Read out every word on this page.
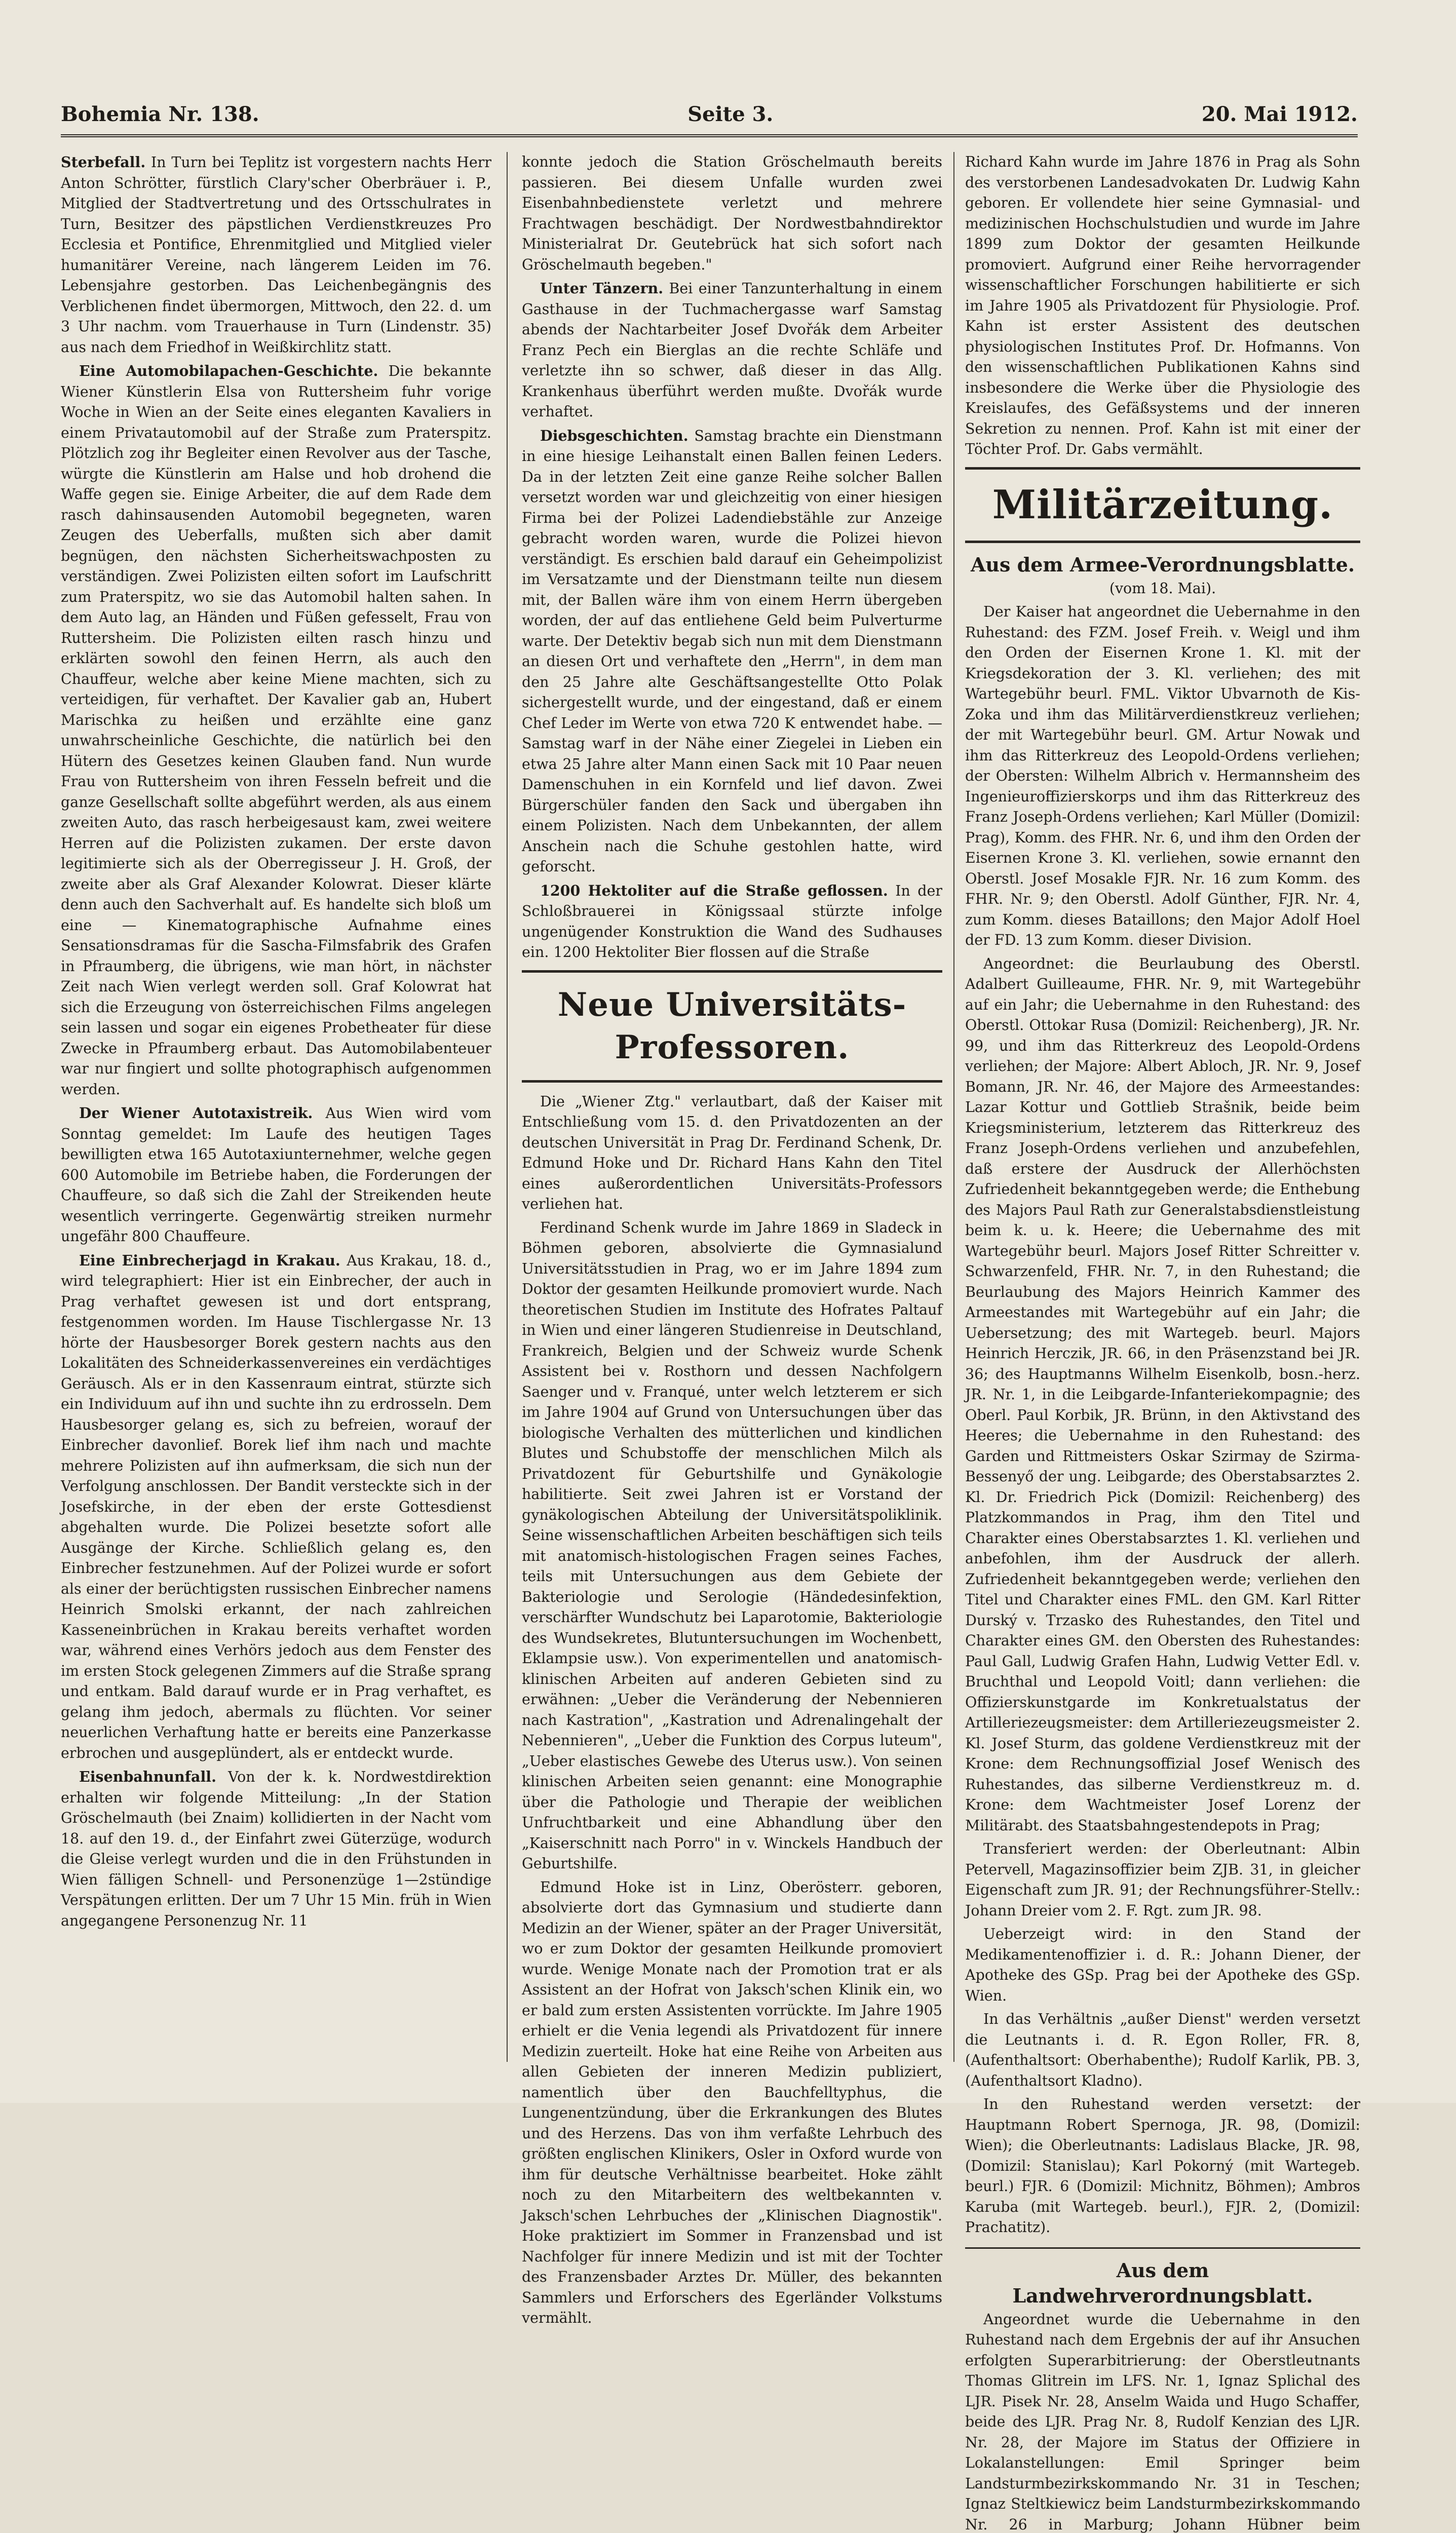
Bohemia Nr. 138.	Seite 3.	20. Mai 1912.

Sterbefall. In Turn bei Teplitz ist vorgestern nachts Herr Anton Schrötter, fürstlich Clary'scher Oberbräuer i. P., Mitglied der Stadtvertretung und des Ortsschulrates in Turn, Besitzer des päpstlichen Verdienstkreuzes Pro Ecclesia et Pontifice, Ehrenmitglied und Mitglied vieler humanitärer Vereine, nach längerem Leiden im 76. Lebensjahre gestorben. Das Leichenbegängnis des Verblichenen findet übermorgen, Mittwoch, den 22. d. um 3 Uhr nachm. vom Trauerhause in Turn (Lindenstr. 35) aus nach dem Friedhof in Weißkirchlitz statt.

Eine Automobilapachen-Geschichte. Die bekannte Wiener Künstlerin Elsa von Ruttersheim fuhr vorige Woche in Wien an der Seite eines eleganten Kavaliers in einem Privatautomobil auf der Straße zum Praterspitz. Plötzlich zog ihr Begleiter einen Revolver aus der Tasche, würgte die Künstlerin am Halse und hob drohend die Waffe gegen sie. Einige Arbeiter, die auf dem Rade dem rasch dahinsausenden Automobil begegneten, waren Zeugen des Ueberfalls, mußten sich aber damit begnügen, den nächsten Sicherheitswachposten zu verständigen. Zwei Polizisten eilten sofort im Laufschritt zum Praterspitz, wo sie das Automobil halten sahen. In dem Auto lag, an Händen und Füßen gefesselt, Frau von Ruttersheim. Die Polizisten eilten rasch hinzu und erklärten sowohl den feinen Herrn, als auch den Chauffeur, welche aber keine Miene machten, sich zu verteidigen, für verhaftet. Der Kavalier gab an, Hubert Marischka zu heißen und erzählte eine ganz unwahrscheinliche Geschichte, die natürlich bei den Hütern des Gesetzes keinen Glauben fand. Nun wurde Frau von Ruttersheim von ihren Fesseln befreit und die ganze Gesellschaft sollte abgeführt werden, als aus einem zweiten Auto, das rasch herbeigesaust kam, zwei weitere Herren auf die Polizisten zukamen. Der erste davon legitimierte sich als der Oberregisseur J. H. Groß, der zweite aber als Graf Alexander Kolowrat. Dieser klärte denn auch den Sachverhalt auf. Es handelte sich bloß um eine — Kinematographische Aufnahme eines Sensationsdramas für die Sascha-Filmsfabrik des Grafen in Pfraumberg, die übrigens, wie man hört, in nächster Zeit nach Wien verlegt werden soll. Graf Kolowrat hat sich die Erzeugung von österreichischen Films angelegen sein lassen und sogar ein eigenes Probetheater für diese Zwecke in Pfraumberg erbaut. Das Automobilabenteuer war nur fingiert und sollte photographisch aufgenommen werden.

Der Wiener Autotaxistreik. Aus Wien wird vom Sonntag gemeldet: Im Laufe des heutigen Tages bewilligten etwa 165 Autotaxiunternehmer, welche gegen 600 Automobile im Betriebe haben, die Forderungen der Chauffeure, so daß sich die Zahl der Streikenden heute wesentlich verringerte. Gegenwärtig streiken nurmehr ungefähr 800 Chauffeure.

Eine Einbrecherjagd in Krakau. Aus Krakau, 18. d., wird telegraphiert: Hier ist ein Einbrecher, der auch in Prag verhaftet gewesen ist und dort entsprang, festgenommen worden. Im Hause Tischlergasse Nr. 13 hörte der Hausbesorger Borek gestern nachts aus den Lokalitäten des Schneiderkassenvereines ein verdächtiges Geräusch. Als er in den Kassenraum eintrat, stürzte sich ein Individuum auf ihn und suchte ihn zu erdrosseln. Dem Hausbesorger gelang es, sich zu befreien, worauf der Einbrecher davonlief. Borek lief ihm nach und machte mehrere Polizisten auf ihn aufmerksam, die sich nun der Verfolgung anschlossen. Der Bandit versteckte sich in der Josefskirche, in der eben der erste Gottesdienst abgehalten wurde. Die Polizei besetzte sofort alle Ausgänge der Kirche. Schließlich gelang es, den Einbrecher festzunehmen. Auf der Polizei wurde er sofort als einer der berüchtigsten russischen Einbrecher namens Heinrich Smolski erkannt, der nach zahlreichen Kasseneinbrüchen in Krakau bereits verhaftet worden war, während eines Verhörs jedoch aus dem Fenster des im ersten Stock gelegenen Zimmers auf die Straße sprang und entkam. Bald darauf wurde er in Prag verhaftet, es gelang ihm jedoch, abermals zu flüchten. Vor seiner neuerlichen Verhaftung hatte er bereits eine Panzerkasse erbrochen und ausgeplündert, als er entdeckt wurde.

Eisenbahnunfall. Von der k. k. Nordwestdirektion erhalten wir folgende Mitteilung: „In der Station Gröschelmauth (bei Znaim) kollidierten in der Nacht vom 18. auf den 19. d., der Einfahrt zwei Güterzüge, wodurch die Gleise verlegt wurden und die in den Frühstunden in Wien fälligen Schnell- und Personenzüge 1—2stündige Verspätungen erlitten. Der um 7 Uhr 15 Min. früh in Wien angegangene Personenzug Nr. 11

konnte jedoch die Station Gröschelmauth bereits passieren. Bei diesem Unfalle wurden zwei Eisenbahnbedienstete verletzt und mehrere Frachtwagen beschädigt. Der Nordwestbahndirektor Ministerialrat Dr. Geutebrück hat sich sofort nach Gröschelmauth begeben."

Unter Tänzern. Bei einer Tanzunterhaltung in einem Gasthause in der Tuchmachergasse warf Samstag abends der Nachtarbeiter Josef Dvořák dem Arbeiter Franz Pech ein Bierglas an die rechte Schläfe und verletzte ihn so schwer, daß dieser in das Allg. Krankenhaus überführt werden mußte. Dvořák wurde verhaftet.

Diebsgeschichten. Samstag brachte ein Dienstmann in eine hiesige Leihanstalt einen Ballen feinen Leders. Da in der letzten Zeit eine ganze Reihe solcher Ballen versetzt worden war und gleichzeitig von einer hiesigen Firma bei der Polizei Ladendiebstähle zur Anzeige gebracht worden waren, wurde die Polizei hievon verständigt. Es erschien bald darauf ein Geheimpolizist im Versatzamte und der Dienstmann teilte nun diesem mit, der Ballen wäre ihm von einem Herrn übergeben worden, der auf das entliehene Geld beim Pulverturme warte. Der Detektiv begab sich nun mit dem Dienstmann an diesen Ort und verhaftete den „Herrn", in dem man den 25 Jahre alte Geschäftsangestellte Otto Polak sichergestellt wurde, und der eingestand, daß er einem Chef Leder im Werte von etwa 720 K entwendet habe. — Samstag warf in der Nähe einer Ziegelei in Lieben ein etwa 25 Jahre alter Mann einen Sack mit 10 Paar neuen Damenschuhen in ein Kornfeld und lief davon. Zwei Bürgerschüler fanden den Sack und übergaben ihn einem Polizisten. Nach dem Unbekannten, der allem Anschein nach die Schuhe gestohlen hatte, wird geforscht.

1200 Hektoliter auf die Straße geflossen. In der Schloßbrauerei in Königssaal stürzte infolge ungenügender Konstruktion die Wand des Sudhauses ein. 1200 Hektoliter Bier flossen auf die Straße

Neue Universitäts-Professoren.

Die „Wiener Ztg." verlautbart, daß der Kaiser mit Entschließung vom 15. d. den Privatdozenten an der deutschen Universität in Prag Dr. Ferdinand Schenk, Dr. Edmund Hoke und Dr. Richard Hans Kahn den Titel eines außerordentlichen Universitäts-Professors verliehen hat.

Ferdinand Schenk wurde im Jahre 1869 in Sladeck in Böhmen geboren, absolvierte die Gymnasialund Universitätsstudien in Prag, wo er im Jahre 1894 zum Doktor der gesamten Heilkunde promoviert wurde. Nach theoretischen Studien im Institute des Hofrates Paltauf in Wien und einer längeren Studienreise in Deutschland, Frankreich, Belgien und der Schweiz wurde Schenk Assistent bei v. Rosthorn und dessen Nachfolgern Saenger und v. Franqué, unter welch letzterem er sich im Jahre 1904 auf Grund von Untersuchungen über das biologische Verhalten des mütterlichen und kindlichen Blutes und Schubstoffe der menschlichen Milch als Privatdozent für Geburtshilfe und Gynäkologie habilitierte. Seit zwei Jahren ist er Vorstand der gynäkologischen Abteilung der Universitätspoliklinik. Seine wissenschaftlichen Arbeiten beschäftigen sich teils mit anatomisch-histologischen Fragen seines Faches, teils mit Untersuchungen aus dem Gebiete der Bakteriologie und Serologie (Händedesinfektion, verschärfter Wundschutz bei Laparotomie, Bakteriologie des Wundsekretes, Blutuntersuchungen im Wochenbett, Eklampsie usw.). Von experimentellen und anatomisch-klinischen Arbeiten auf anderen Gebieten sind zu erwähnen: „Ueber die Veränderung der Nebennieren nach Kastration", „Kastration und Adrenalingehalt der Nebennieren", „Ueber die Funktion des Corpus luteum", „Ueber elastisches Gewebe des Uterus usw.). Von seinen klinischen Arbeiten seien genannt: eine Monographie über die Pathologie und Therapie der weiblichen Unfruchtbarkeit und eine Abhandlung über den „Kaiserschnitt nach Porro" in v. Winckels Handbuch der Geburtshilfe.

Edmund Hoke ist in Linz, Oberösterr. geboren, absolvierte dort das Gymnasium und studierte dann Medizin an der Wiener, später an der Prager Universität, wo er zum Doktor der gesamten Heilkunde promoviert wurde. Wenige Monate nach der Promotion trat er als Assistent an der Hofrat von Jaksch'schen Klinik ein, wo er bald zum ersten Assistenten vorrückte. Im Jahre 1905 erhielt er die Venia legendi als Privatdozent für innere Medizin zuerteilt. Hoke hat eine Reihe von Arbeiten aus allen Gebieten der inneren Medizin publiziert, namentlich über den Bauchfelltyphus, die Lungenentzündung, über die Erkrankungen des Blutes und des Herzens. Das von ihm verfaßte Lehrbuch des größten englischen Klinikers, Osler in Oxford wurde von ihm für deutsche Verhältnisse bearbeitet. Hoke zählt noch zu den Mitarbeitern des weltbekannten v. Jaksch'schen Lehrbuches der „Klinischen Diagnostik". Hoke praktiziert im Sommer in Franzensbad und ist Nachfolger für innere Medizin und ist mit der Tochter des Franzensbader Arztes Dr. Müller, des bekannten Sammlers und Erforschers des Egerländer Volkstums vermählt.

Richard Kahn wurde im Jahre 1876 in Prag als Sohn des verstorbenen Landesadvokaten Dr. Ludwig Kahn geboren. Er vollendete hier seine Gymnasial- und medizinischen Hochschulstudien und wurde im Jahre 1899 zum Doktor der gesamten Heilkunde promoviert. Aufgrund einer Reihe hervorragender wissenschaftlicher Forschungen habilitierte er sich im Jahre 1905 als Privatdozent für Physiologie. Prof. Kahn ist erster Assistent des deutschen physiologischen Institutes Prof. Dr. Hofmanns. Von den wissenschaftlichen Publikationen Kahns sind insbesondere die Werke über die Physiologie des Kreislaufes, des Gefäßsystems und der inneren Sekretion zu nennen. Prof. Kahn ist mit einer der Töchter Prof. Dr. Gabs vermählt.

Militärzeitung.
Aus dem Armee-Verordnungsblatte.

(vom 18. Mai).

Der Kaiser hat angeordnet die Uebernahme in den Ruhestand: des FZM. Josef Freih. v. Weigl und ihm den Orden der Eisernen Krone 1. Kl. mit der Kriegsdekoration der 3. Kl. verliehen; des mit Wartegebühr beurl. FML. Viktor Ubvarnoth de Kis-Zoka und ihm das Militärverdienstkreuz verliehen; der mit Wartegebühr beurl. GM. Artur Nowak und ihm das Ritterkreuz des Leopold-Ordens verliehen; der Obersten: Wilhelm Albrich v. Hermannsheim des Ingenieuroffizierskorps und ihm das Ritterkreuz des Franz Joseph-Ordens verliehen; Karl Müller (Domizil: Prag), Komm. des FHR. Nr. 6, und ihm den Orden der Eisernen Krone 3. Kl. verliehen, sowie ernannt den Oberstl. Josef Mosakle FJR. Nr. 16 zum Komm. des FHR. Nr. 9; den Oberstl. Adolf Günther, FJR. Nr. 4, zum Komm. dieses Bataillons; den Major Adolf Hoel der FD. 13 zum Komm. dieser Division.

Angeordnet: die Beurlaubung des Oberstl. Adalbert Guilleaume, FHR. Nr. 9, mit Wartegebühr auf ein Jahr; die Uebernahme in den Ruhestand: des Oberstl. Ottokar Rusa (Domizil: Reichenberg), JR. Nr. 99, und ihm das Ritterkreuz des Leopold-Ordens verliehen; der Majore: Albert Abloch, JR. Nr. 9, Josef Bomann, JR. Nr. 46, der Majore des Armeestandes: Lazar Kottur und Gottlieb Strašnik, beide beim Kriegsministerium, letzterem das Ritterkreuz des Franz Joseph-Ordens verliehen und anzubefehlen, daß erstere der Ausdruck der Allerhöchsten Zufriedenheit bekanntgegeben werde; die Enthebung des Majors Paul Rath zur Generalstabsdienstleistung beim k. u. k. Heere; die Uebernahme des mit Wartegebühr beurl. Majors Josef Ritter Schreitter v. Schwarzenfeld, FHR. Nr. 7, in den Ruhestand; die Beurlaubung des Majors Heinrich Kammer des Armeestandes mit Wartegebühr auf ein Jahr; die Uebersetzung; des mit Wartegeb. beurl. Majors Heinrich Herczik, JR. 66, in den Präsenzstand bei JR. 36; des Hauptmanns Wilhelm Eisenkolb, bosn.-herz. JR. Nr. 1, in die Leibgarde-Infanteriekompagnie; des Oberl. Paul Korbik, JR. Brünn, in den Aktivstand des Heeres; die Uebernahme in den Ruhestand: des Garden und Rittmeisters Oskar Szirmay de Szirma-Bessenyő der ung. Leibgarde; des Oberstabsarztes 2. Kl. Dr. Friedrich Pick (Domizil: Reichenberg) des Platzkommandos in Prag, ihm den Titel und Charakter eines Oberstabsarztes 1. Kl. verliehen und anbefohlen, ihm der Ausdruck der allerh. Zufriedenheit bekanntgegeben werde; verliehen den Titel und Charakter eines FML. den GM. Karl Ritter Durský v. Trzasko des Ruhestandes, den Titel und Charakter eines GM. den Obersten des Ruhestandes: Paul Gall, Ludwig Grafen Hahn, Ludwig Vetter Edl. v. Bruchthal und Leopold Voitl; dann verliehen: die Offizierskunstgarde im Konkretualstatus der Artilleriezeugsmeister: dem Artilleriezeugsmeister 2. Kl. Josef Sturm, das goldene Verdienstkreuz mit der Krone: dem Rechnungsoffizial Josef Wenisch des Ruhestandes, das silberne Verdienstkreuz m. d. Krone: dem Wachtmeister Josef Lorenz der Militärabt. des Staatsbahngestendepots in Prag;

Transferiert werden: der Oberleutnant: Albin Petervell, Magazinsoffizier beim ZJB. 31, in gleicher Eigenschaft zum JR. 91; der Rechnungsführer-Stellv.: Johann Dreier vom 2. F. Rgt. zum JR. 98.

Ueberzeigt wird: in den Stand der Medikamentenoffizier i. d. R.: Johann Diener, der Apotheke des GSp. Prag bei der Apotheke des GSp. Wien.

In das Verhältnis „außer Dienst" werden versetzt die Leutnants i. d. R. Egon Roller, FR. 8, (Aufenthaltsort: Oberhabenthe); Rudolf Karlik, PB. 3, (Aufenthaltsort Kladno).

In den Ruhestand werden versetzt: der Hauptmann Robert Spernoga, JR. 98, (Domizil: Wien); die Oberleutnants: Ladislaus Blacke, JR. 98, (Domizil: Stanislau); Karl Pokorný (mit Wartegeb. beurl.) FJR. 6 (Domizil: Michnitz, Böhmen); Ambros Karuba (mit Wartegeb. beurl.), FJR. 2, (Domizil: Prachatitz).

Aus dem Landwehrverordnungsblatt.

Angeordnet wurde die Uebernahme in den Ruhestand nach dem Ergebnis der auf ihr Ansuchen erfolgten Superarbitrierung: der Oberstleutnants Thomas Glitrein im LFS. Nr. 1, Ignaz Splichal des LJR. Pisek Nr. 28, Anselm Waida und Hugo Schaffer, beide des LJR. Prag Nr. 8, Rudolf Kenzian des LJR. Nr. 28, der Majore im Status der Offiziere in Lokalanstellungen: Emil Springer beim Landsturmbezirkskommando Nr. 31 in Teschen; Ignaz Steltkiewicz beim Landsturmbezirkskommando Nr. 26 in Marburg; Johann Hübner beim
